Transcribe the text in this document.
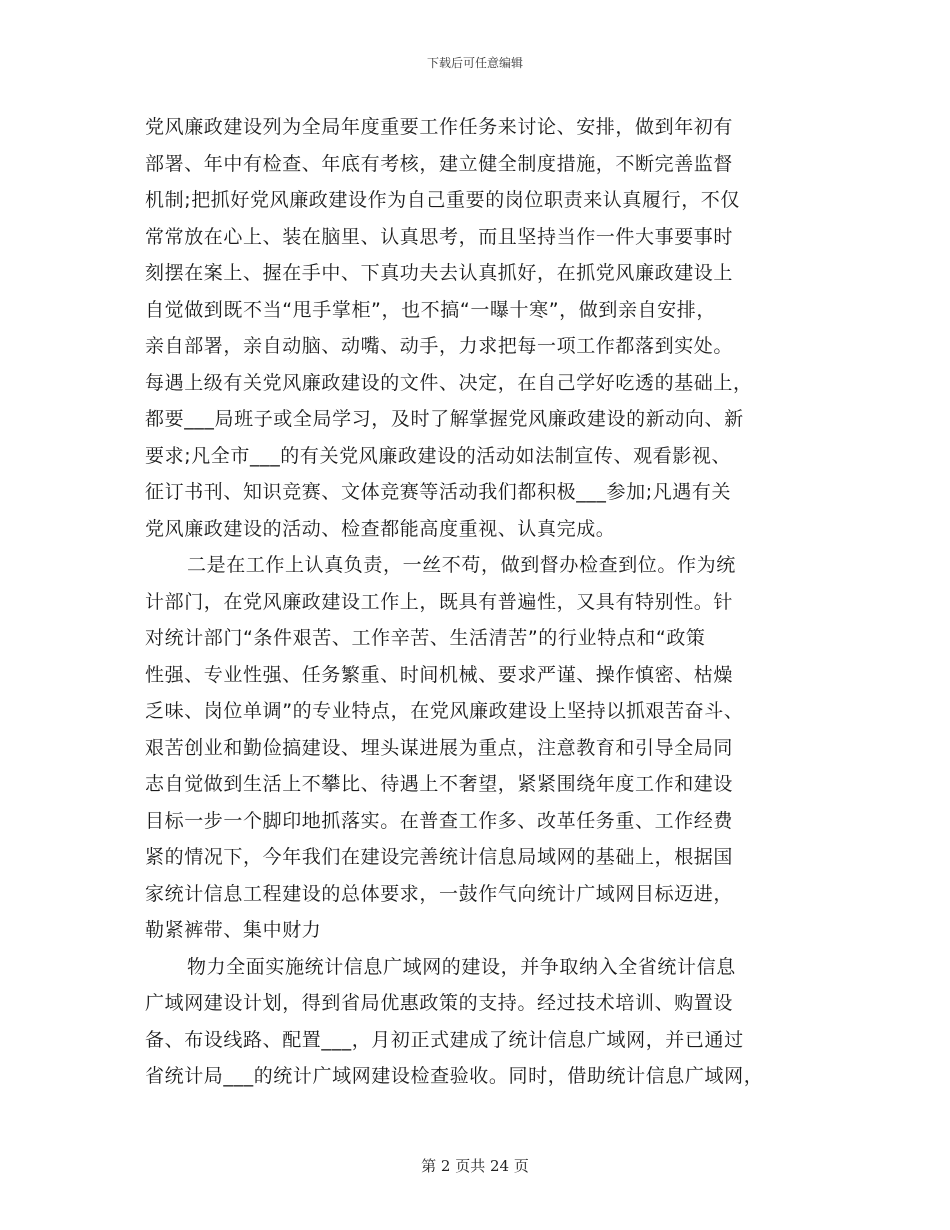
下载后可任意编辑
党风廉政建设列为全局年度重要工作任务来讨论、安排，做到年初有
部署、年中有检查、年底有考核，建立健全制度措施，不断完善监督
机制;把抓好党风廉政建设作为自己重要的岗位职责来认真履行，不仅
常常放在心上、装在脑里、认真思考，而且坚持当作一件大事要事时
刻摆在案上、握在手中、下真功夫去认真抓好，在抓党风廉政建设上
自觉做到既不当“甩手掌柜”，也不搞“一曝十寒”，做到亲自安排，
亲自部署，亲自动脑、动嘴、动手，力求把每一项工作都落到实处。
每遇上级有关党风廉政建设的文件、决定，在自己学好吃透的基础上，
都要___局班子或全局学习，及时了解掌握党风廉政建设的新动向、新
要求;凡全市___的有关党风廉政建设的活动如法制宣传、观看影视、
征订书刊、知识竞赛、文体竞赛等活动我们都积极___参加;凡遇有关
党风廉政建设的活动、检查都能高度重视、认真完成。
二是在工作上认真负责，一丝不苟，做到督办检查到位。作为统
计部门，在党风廉政建设工作上，既具有普遍性，又具有特别性。针
对统计部门“条件艰苦、工作辛苦、生活清苦”的行业特点和“政策
性强、专业性强、任务繁重、时间机械、要求严谨、操作慎密、枯燥
乏味、岗位单调”的专业特点，在党风廉政建设上坚持以抓艰苦奋斗、
艰苦创业和勤俭搞建设、埋头谋进展为重点，注意教育和引导全局同
志自觉做到生活上不攀比、待遇上不奢望，紧紧围绕年度工作和建设
目标一步一个脚印地抓落实。在普查工作多、改革任务重、工作经费
紧的情况下，今年我们在建设完善统计信息局域网的基础上，根据国
家统计信息工程建设的总体要求，一鼓作气向统计广域网目标迈进，
勒紧裤带、集中财力
物力全面实施统计信息广域网的建设，并争取纳入全省统计信息
广域网建设计划，得到省局优惠政策的支持。经过技术培训、购置设
备、布设线路、配置___，月初正式建成了统计信息广域网，并已通过
省统计局___的统计广域网建设检查验收。同时，借助统计信息广域网，
第 2 页共 24 页
